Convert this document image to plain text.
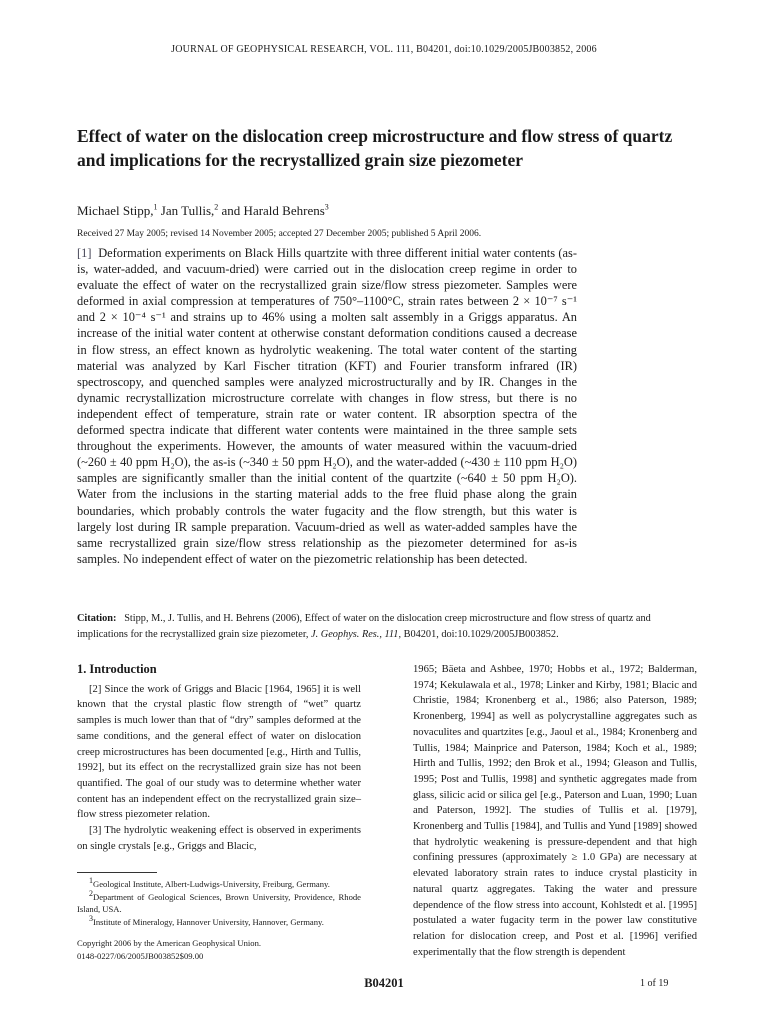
JOURNAL OF GEOPHYSICAL RESEARCH, VOL. 111, B04201, doi:10.1029/2005JB003852, 2006
Effect of water on the dislocation creep microstructure and flow stress of quartz and implications for the recrystallized grain size piezometer
Michael Stipp,$^1$ Jan Tullis,$^2$ and Harald Behrens$^3$
Received 27 May 2005; revised 14 November 2005; accepted 27 December 2005; published 5 April 2006.

[1] Deformation experiments on Black Hills quartzite with three different initial water contents (as-is, water-added, and vacuum-dried) were carried out in the dislocation creep regime in order to evaluate the effect of water on the recrystallized grain size/flow stress piezometer. Samples were deformed in axial compression at temperatures of 750°–1100°C, strain rates between 2 × 10⁻⁷ s⁻¹ and 2 × 10⁻⁴ s⁻¹ and strains up to 46% using a molten salt assembly in a Griggs apparatus. An increase of the initial water content at otherwise constant deformation conditions caused a decrease in flow stress, an effect known as hydrolytic weakening. The total water content of the starting material was analyzed by Karl Fischer titration (KFT) and Fourier transform infrared (IR) spectroscopy, and quenched samples were analyzed microstructurally and by IR. Changes in the dynamic recrystallization microstructure correlate with changes in flow stress, but there is no independent effect of temperature, strain rate or water content. IR absorption spectra of the deformed spectra indicate that different water contents were maintained in the three sample sets throughout the experiments. However, the amounts of water measured within the vacuum-dried (~260 ± 40 ppm H₂O), the as-is (~340 ± 50 ppm H₂O), and the water-added (~430 ± 110 ppm H₂O) samples are significantly smaller than the initial content of the quartzite (~640 ± 50 ppm H₂O). Water from the inclusions in the starting material adds to the free fluid phase along the grain boundaries, which probably controls the water fugacity and the flow strength, but this water is largely lost during IR sample preparation. Vacuum-dried as well as water-added samples have the same recrystallized grain size/flow stress relationship as the piezometer determined for as-is samples. No independent effect of water on the piezometric relationship has been detected.

Citation: Stipp, M., J. Tullis, and H. Behrens (2006), Effect of water on the dislocation creep microstructure and flow stress of quartz and implications for the recrystallized grain size piezometer, J. Geophys. Res., 111, B04201, doi:10.1029/2005JB003852.

1. Introduction

[2] Since the work of Griggs and Blacic [1964, 1965] it is well known that the crystal plastic flow strength of “wet” quartz samples is much lower than that of “dry” samples deformed at the same conditions, and the general effect of water on dislocation creep microstructures has been documented [e.g., Hirth and Tullis, 1992], but its effect on the recrystallized grain size has not been quantified. The goal of our study was to determine whether water content has an independent effect on the recrystallized grain size–flow stress piezometer relation.

[3] The hydrolytic weakening effect is observed in experiments on single crystals [e.g., Griggs and Blacic,

1965; Bäeta and Ashbee, 1970; Hobbs et al., 1972; Balderman, 1974; Kekulawala et al., 1978; Linker and Kirby, 1981; Blacic and Christie, 1984; Kronenberg et al., 1986; also Paterson, 1989; Kronenberg, 1994] as well as polycrystalline aggregates such as novaculites and quartzites [e.g., Jaoul et al., 1984; Kronenberg and Tullis, 1984; Mainprice and Paterson, 1984; Koch et al., 1989; Hirth and Tullis, 1992; den Brok et al., 1994; Gleason and Tullis, 1995; Post and Tullis, 1998] and synthetic aggregates made from glass, silicic acid or silica gel [e.g., Paterson and Luan, 1990; Luan and Paterson, 1992]. The studies of Tullis et al. [1979], Kronenberg and Tullis [1984], and Tullis and Yund [1989] showed that hydrolytic weakening is pressure-dependent and that high confining pressures (approximately ≥ 1.0 GPa) are necessary at elevated laboratory strain rates to induce crystal plasticity in natural quartz aggregates. Taking the water and pressure dependence of the flow stress into account, Kohlstedt et al. [1995] postulated a water fugacity term in the power law constitutive relation for dislocation creep, and Post et al. [1996] verified experimentally that the flow strength is dependent

$^1$Geological Institute, Albert-Ludwigs-University, Freiburg, Germany.

$^2$Department of Geological Sciences, Brown University, Providence, Rhode Island, USA.

$^3$Institute of Mineralogy, Hannover University, Hannover, Germany.

Copyright 2006 by the American Geophysical Union.
0148-0227/06/2005JB003852$09.00
B04201	1 of 19
